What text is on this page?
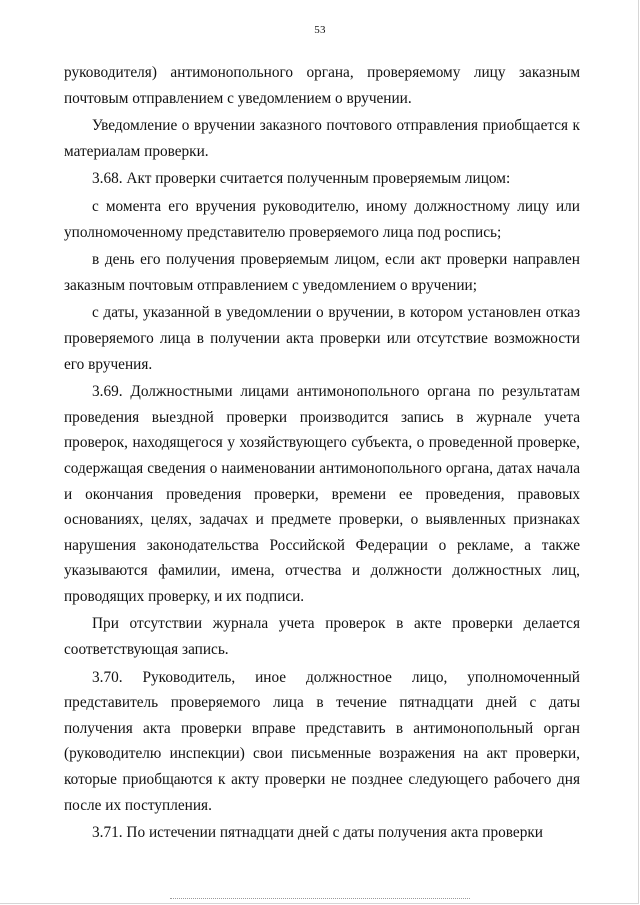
53

руководителя) антимонопольного органа, проверяемому лицу заказным почтовым отправлением с уведомлением о вручении.

Уведомление о вручении заказного почтового отправления приобщается к материалам проверки.

3.68. Акт проверки считается полученным проверяемым лицом:

с момента его вручения руководителю, иному должностному лицу или уполномоченному представителю проверяемого лица под роспись;

в день его получения проверяемым лицом, если акт проверки направлен заказным почтовым отправлением с уведомлением о вручении;

с даты, указанной в уведомлении о вручении, в котором установлен отказ проверяемого лица в получении акта проверки или отсутствие возможности его вручения.

3.69. Должностными лицами антимонопольного органа по результатам проведения выездной проверки производится запись в журнале учета проверок, находящегося у хозяйствующего субъекта, о проведенной проверке, содержащая сведения о наименовании антимонопольного органа, датах начала и окончания проведения проверки, времени ее проведения, правовых основаниях, целях, задачах и предмете проверки, о выявленных признаках нарушения законодательства Российской Федерации о рекламе, а также указываются фамилии, имена, отчества и должности должностных лиц, проводящих проверку, и их подписи.

При отсутствии журнала учета проверок в акте проверки делается соответствующая запись.

3.70. Руководитель, иное должностное лицо, уполномоченный представитель проверяемого лица в течение пятнадцати дней с даты получения акта проверки вправе представить в антимонопольный орган (руководителю инспекции) свои письменные возражения на акт проверки, которые приобщаются к акту проверки не позднее следующего рабочего дня после их поступления.

3.71. По истечении пятнадцати дней с даты получения акта проверки
